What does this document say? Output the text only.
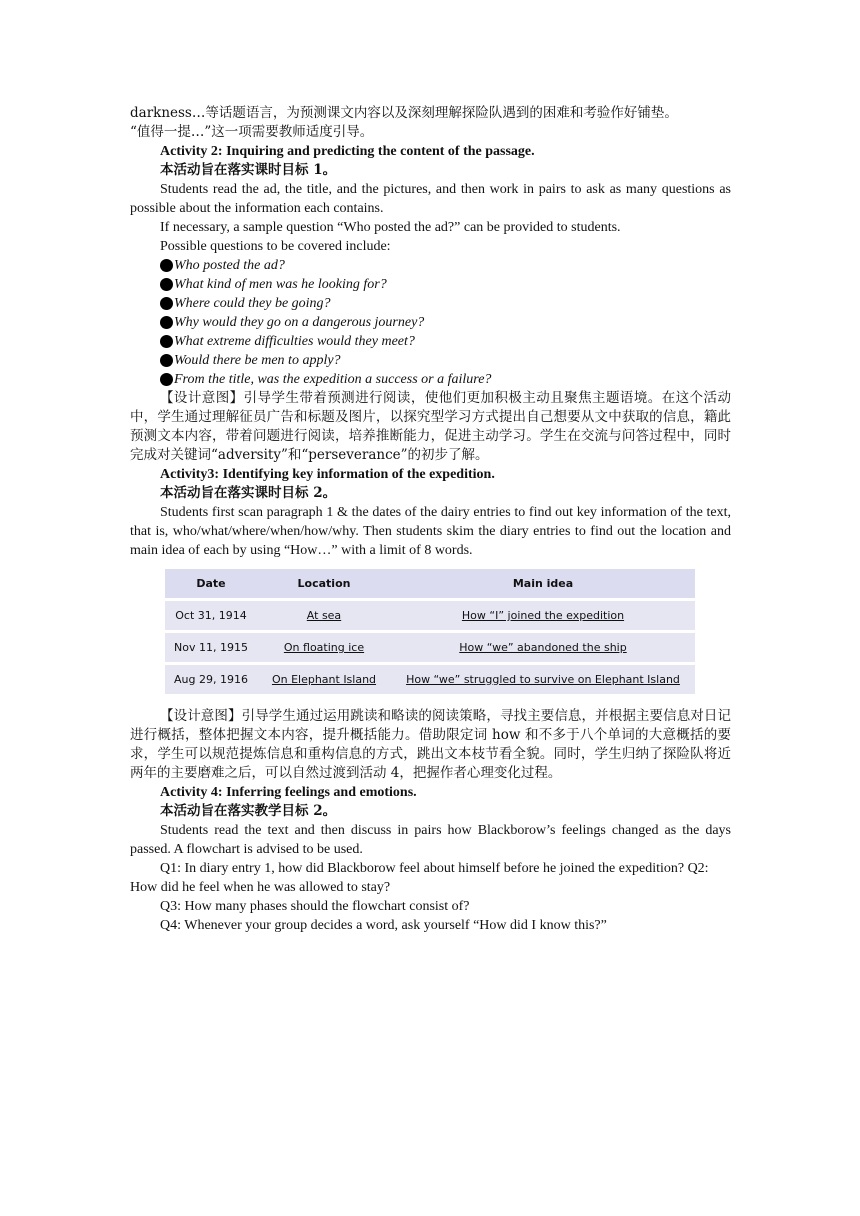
darkness…等话题语言，为预测课文内容以及深刻理解探险队遇到的困难和考验作好铺垫。

“值得一提…”这一项需要教师适度引导。

Activity 2: Inquiring and predicting the content of the passage.

本活动旨在落实课时目标 1。

Students read the ad, the title, and the pictures, and then work in pairs to ask as many questions as possible about the information each contains.

If necessary, a sample question “Who posted the ad?” can be provided to students.

Possible questions to be covered include:

Who posted the ad?
What kind of men was he looking for?
Where could they be going?
Why would they go on a dangerous journey?
What extreme difficulties would they meet?
Would there be men to apply?
From the title, was the expedition a success or a failure?

【设计意图】引导学生带着预测进行阅读，使他们更加积极主动且聚焦主题语境。在这个活动中，学生通过理解征员广告和标题及图片，以探究型学习方式提出自己想要从文中获取的信息，籍此预测文本内容，带着问题进行阅读，培养推断能力，促进主动学习。学生在交流与问答过程中，同时完成对关键词“adversity”和“perseverance”的初步了解。

Activity3: Identifying key information of the expedition.

本活动旨在落实课时目标 2。

Students first scan paragraph 1 & the dates of the dairy entries to find out key information of the text, that is, who/what/where/when/how/why. Then students skim the diary entries to find out the location and main idea of each by using “How…” with a limit of 8 words.

Date	Location	Main idea
Oct 31, 1914	At sea	How “I” joined the expedition
Nov 11, 1915	On floating ice	How “we” abandoned the ship
Aug 29, 1916	On Elephant Island	How “we” struggled to survive on Elephant Island

【设计意图】引导学生通过运用跳读和略读的阅读策略，寻找主要信息，并根据主要信息对日记进行概括，整体把握文本内容，提升概括能力。借助限定词 how 和不多于八个单词的大意概括的要求，学生可以规范提炼信息和重构信息的方式，跳出文本枝节看全貌。同时，学生归纳了探险队将近两年的主要磨难之后，可以自然过渡到活动 4，把握作者心理变化过程。

Activity 4: Inferring feelings and emotions.

本活动旨在落实教学目标 2。

Students read the text and then discuss in pairs how Blackborow’s feelings changed as the days passed. A flowchart is advised to be used.

Q1: In diary entry 1, how did Blackborow feel about himself before he joined the expedition? Q2: How did he feel when he was allowed to stay?

Q3: How many phases should the flowchart consist of?

Q4: Whenever your group decides a word, ask yourself “How did I know this?”
